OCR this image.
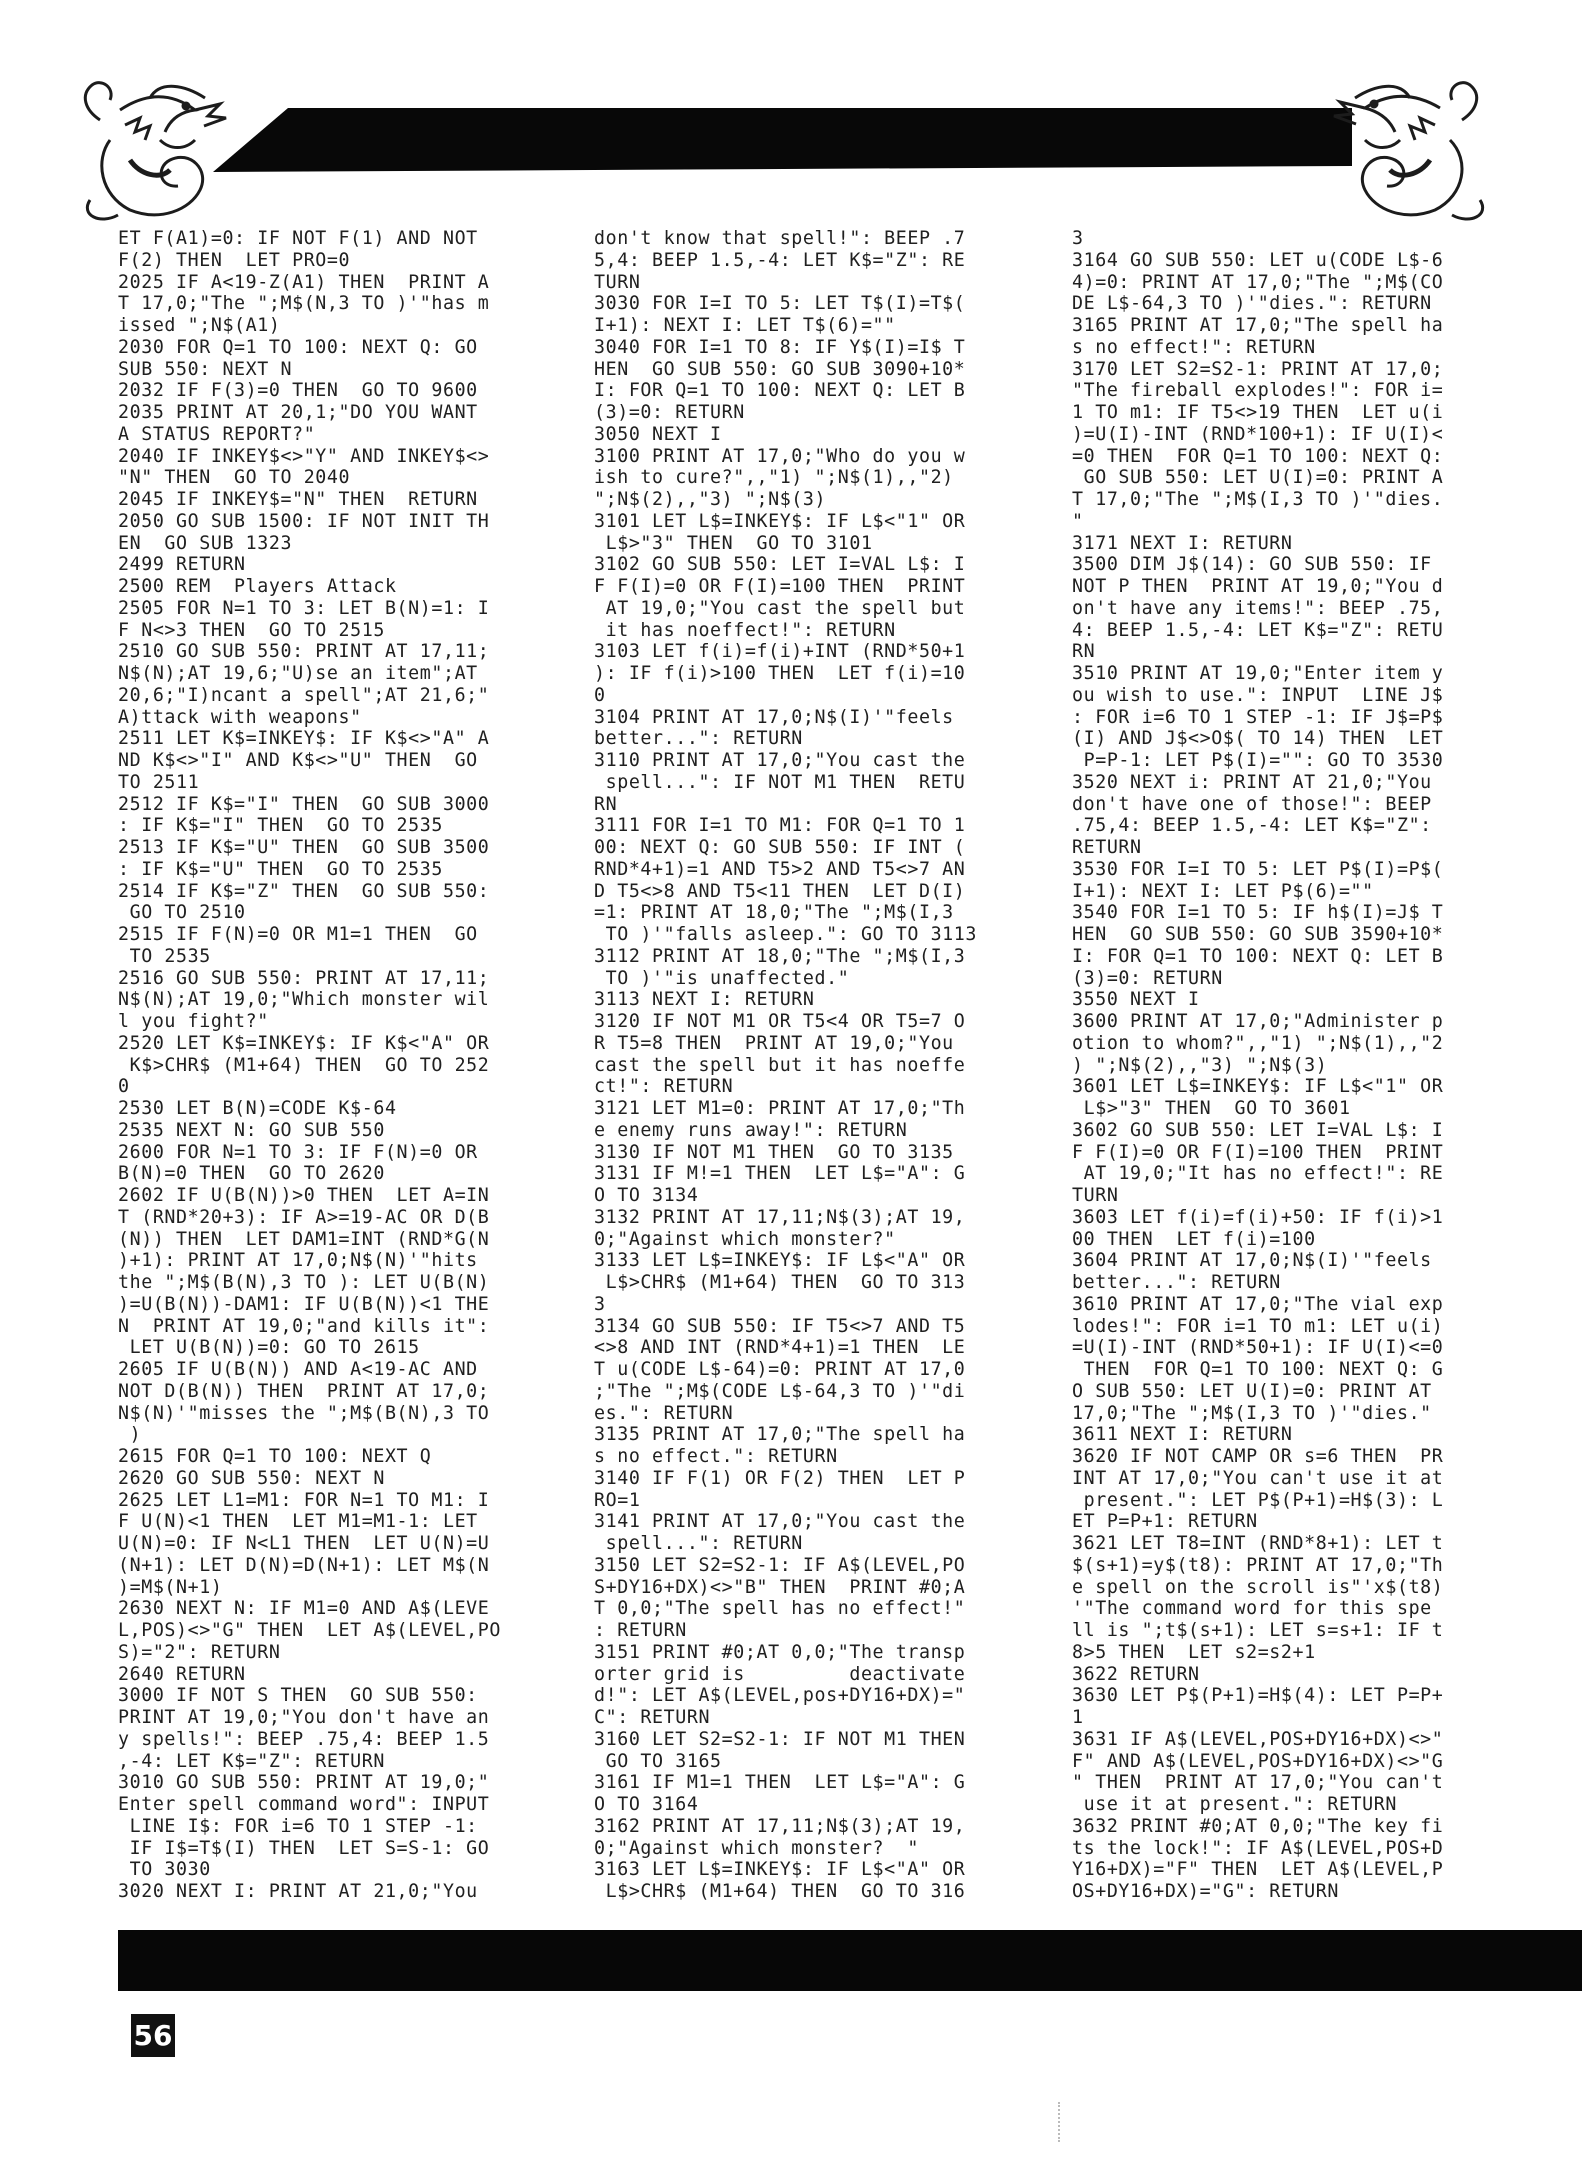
ET F(A1)=0: IF NOT F(1) AND NOT
F(2) THEN  LET PRO=0
2025 IF A<19-Z(A1) THEN  PRINT A
T 17,0;"The ";M$(N,3 TO )'"has m
issed ";N$(A1)
2030 FOR Q=1 TO 100: NEXT Q: GO
SUB 550: NEXT N
2032 IF F(3)=0 THEN  GO TO 9600
2035 PRINT AT 20,1;"DO YOU WANT
A STATUS REPORT?"
2040 IF INKEY$<>"Y" AND INKEY$<>
"N" THEN  GO TO 2040
2045 IF INKEY$="N" THEN  RETURN
2050 GO SUB 1500: IF NOT INIT TH
EN  GO SUB 1323
2499 RETURN
2500 REM  Players Attack
2505 FOR N=1 TO 3: LET B(N)=1: I
F N<>3 THEN  GO TO 2515
2510 GO SUB 550: PRINT AT 17,11;
N$(N);AT 19,6;"U)se an item";AT
20,6;"I)ncant a spell";AT 21,6;"
A)ttack with weapons"
2511 LET K$=INKEY$: IF K$<>"A" A
ND K$<>"I" AND K$<>"U" THEN  GO
TO 2511
2512 IF K$="I" THEN  GO SUB 3000
: IF K$="I" THEN  GO TO 2535
2513 IF K$="U" THEN  GO SUB 3500
: IF K$="U" THEN  GO TO 2535
2514 IF K$="Z" THEN  GO SUB 550:
GO TO 2510
2515 IF F(N)=0 OR M1=1 THEN  GO
TO 2535
2516 GO SUB 550: PRINT AT 17,11;
N$(N);AT 19,0;"Which monster wil
l you fight?"
2520 LET K$=INKEY$: IF K$<"A" OR
K$>CHR$ (M1+64) THEN  GO TO 252
0
2530 LET B(N)=CODE K$-64
2535 NEXT N: GO SUB 550
2600 FOR N=1 TO 3: IF F(N)=0 OR
B(N)=0 THEN  GO TO 2620
2602 IF U(B(N))>0 THEN  LET A=IN
T (RND*20+3): IF A>=19-AC OR D(B
(N)) THEN  LET DAM1=INT (RND*G(N
)+1): PRINT AT 17,0;N$(N)'"hits
the ";M$(B(N),3 TO ): LET U(B(N)
)=U(B(N))-DAM1: IF U(B(N))<1 THE
N  PRINT AT 19,0;"and kills it":
LET U(B(N))=0: GO TO 2615
2605 IF U(B(N)) AND A<19-AC AND
NOT D(B(N)) THEN  PRINT AT 17,0;
N$(N)'"misses the ";M$(B(N),3 TO
)
2615 FOR Q=1 TO 100: NEXT Q
2620 GO SUB 550: NEXT N
2625 LET L1=M1: FOR N=1 TO M1: I
F U(N)<1 THEN  LET M1=M1-1: LET
U(N)=0: IF N<L1 THEN  LET U(N)=U
(N+1): LET D(N)=D(N+1): LET M$(N
)=M$(N+1)
2630 NEXT N: IF M1=0 AND A$(LEVE
L,POS)<>"G" THEN  LET A$(LEVEL,PO
S)="2": RETURN
2640 RETURN
3000 IF NOT S THEN  GO SUB 550:
PRINT AT 19,0;"You don't have an
y spells!": BEEP .75,4: BEEP 1.5
,-4: LET K$="Z": RETURN
3010 GO SUB 550: PRINT AT 19,0;"
Enter spell command word": INPUT
LINE I$: FOR i=6 TO 1 STEP -1:
IF I$=T$(I) THEN  LET S=S-1: GO
TO 3030
3020 NEXT I: PRINT AT 21,0;"You
don't know that spell!": BEEP .7
5,4: BEEP 1.5,-4: LET K$="Z": RE
TURN
3030 FOR I=I TO 5: LET T$(I)=T$(
I+1): NEXT I: LET T$(6)=""
3040 FOR I=1 TO 8: IF Y$(I)=I$ T
HEN  GO SUB 550: GO SUB 3090+10*
I: FOR Q=1 TO 100: NEXT Q: LET B
(3)=0: RETURN
3050 NEXT I
3100 PRINT AT 17,0;"Who do you w
ish to cure?",,"1) ";N$(1),,"2)
";N$(2),,"3) ";N$(3)
3101 LET L$=INKEY$: IF L$<"1" OR
L$>"3" THEN  GO TO 3101
3102 GO SUB 550: LET I=VAL L$: I
F F(I)=0 OR F(I)=100 THEN  PRINT
AT 19,0;"You cast the spell but
it has noeffect!": RETURN
3103 LET f(i)=f(i)+INT (RND*50+1
): IF f(i)>100 THEN  LET f(i)=10
0
3104 PRINT AT 17,0;N$(I)'"feels
better...": RETURN
3110 PRINT AT 17,0;"You cast the
spell...": IF NOT M1 THEN  RETU
RN
3111 FOR I=1 TO M1: FOR Q=1 TO 1
00: NEXT Q: GO SUB 550: IF INT (
RND*4+1)=1 AND T5>2 AND T5<>7 AN
D T5<>8 AND T5<11 THEN  LET D(I)
=1: PRINT AT 18,0;"The ";M$(I,3
TO )'"falls asleep.": GO TO 3113
3112 PRINT AT 18,0;"The ";M$(I,3
TO )'"is unaffected."
3113 NEXT I: RETURN
3120 IF NOT M1 OR T5<4 OR T5=7 O
R T5=8 THEN  PRINT AT 19,0;"You
cast the spell but it has noeffe
ct!": RETURN
3121 LET M1=0: PRINT AT 17,0;"Th
e enemy runs away!": RETURN
3130 IF NOT M1 THEN  GO TO 3135
3131 IF M!=1 THEN  LET L$="A": G
O TO 3134
3132 PRINT AT 17,11;N$(3);AT 19,
0;"Against which monster?"
3133 LET L$=INKEY$: IF L$<"A" OR
L$>CHR$ (M1+64) THEN  GO TO 313
3
3134 GO SUB 550: IF T5<>7 AND T5
<>8 AND INT (RND*4+1)=1 THEN  LE
T u(CODE L$-64)=0: PRINT AT 17,0
;"The ";M$(CODE L$-64,3 TO )'"di
es.": RETURN
3135 PRINT AT 17,0;"The spell ha
s no effect.": RETURN
3140 IF F(1) OR F(2) THEN  LET P
RO=1
3141 PRINT AT 17,0;"You cast the
spell...": RETURN
3150 LET S2=S2-1: IF A$(LEVEL,PO
S+DY16+DX)<>"B" THEN  PRINT #0;A
T 0,0;"The spell has no effect!"
: RETURN
3151 PRINT #0;AT 0,0;"The transp
orter grid is         deactivate
d!": LET A$(LEVEL,pos+DY16+DX)="
C": RETURN
3160 LET S2=S2-1: IF NOT M1 THEN
GO TO 3165
3161 IF M1=1 THEN  LET L$="A": G
O TO 3164
3162 PRINT AT 17,11;N$(3);AT 19,
0;"Against which monster?  "
3163 LET L$=INKEY$: IF L$<"A" OR
L$>CHR$ (M1+64) THEN  GO TO 316
3
3164 GO SUB 550: LET u(CODE L$-6
4)=0: PRINT AT 17,0;"The ";M$(CO
DE L$-64,3 TO )'"dies.": RETURN
3165 PRINT AT 17,0;"The spell ha
s no effect!": RETURN
3170 LET S2=S2-1: PRINT AT 17,0;
"The fireball explodes!": FOR i=
1 TO m1: IF T5<>19 THEN  LET u(i
)=U(I)-INT (RND*100+1): IF U(I)<
=0 THEN  FOR Q=1 TO 100: NEXT Q:
GO SUB 550: LET U(I)=0: PRINT A
T 17,0;"The ";M$(I,3 TO )'"dies.
"
3171 NEXT I: RETURN
3500 DIM J$(14): GO SUB 550: IF
NOT P THEN  PRINT AT 19,0;"You d
on't have any items!": BEEP .75,
4: BEEP 1.5,-4: LET K$="Z": RETU
RN
3510 PRINT AT 19,0;"Enter item y
ou wish to use.": INPUT  LINE J$
: FOR i=6 TO 1 STEP -1: IF J$=P$
(I) AND J$<>O$( TO 14) THEN  LET
P=P-1: LET P$(I)="": GO TO 3530
3520 NEXT i: PRINT AT 21,0;"You
don't have one of those!": BEEP
.75,4: BEEP 1.5,-4: LET K$="Z":
RETURN
3530 FOR I=I TO 5: LET P$(I)=P$(
I+1): NEXT I: LET P$(6)=""
3540 FOR I=1 TO 5: IF h$(I)=J$ T
HEN  GO SUB 550: GO SUB 3590+10*
I: FOR Q=1 TO 100: NEXT Q: LET B
(3)=0: RETURN
3550 NEXT I
3600 PRINT AT 17,0;"Administer p
otion to whom?",,"1) ";N$(1),,"2
) ";N$(2),,"3) ";N$(3)
3601 LET L$=INKEY$: IF L$<"1" OR
L$>"3" THEN  GO TO 3601
3602 GO SUB 550: LET I=VAL L$: I
F F(I)=0 OR F(I)=100 THEN  PRINT
AT 19,0;"It has no effect!": RE
TURN
3603 LET f(i)=f(i)+50: IF f(i)>1
00 THEN  LET f(i)=100
3604 PRINT AT 17,0;N$(I)'"feels
better...": RETURN
3610 PRINT AT 17,0;"The vial exp
lodes!": FOR i=1 TO m1: LET u(i)
=U(I)-INT (RND*50+1): IF U(I)<=0
THEN  FOR Q=1 TO 100: NEXT Q: G
O SUB 550: LET U(I)=0: PRINT AT
17,0;"The ";M$(I,3 TO )'"dies."
3611 NEXT I: RETURN
3620 IF NOT CAMP OR s=6 THEN  PR
INT AT 17,0;"You can't use it at
present.": LET P$(P+1)=H$(3): L
ET P=P+1: RETURN
3621 LET T8=INT (RND*8+1): LET t
$(s+1)=y$(t8): PRINT AT 17,0;"Th
e spell on the scroll is"'x$(t8)
'"The command word for this spe
ll is ";t$(s+1): LET s=s+1: IF t
8>5 THEN  LET s2=s2+1
3622 RETURN
3630 LET P$(P+1)=H$(4): LET P=P+
1
3631 IF A$(LEVEL,POS+DY16+DX)<>"
F" AND A$(LEVEL,POS+DY16+DX)<>"G
" THEN  PRINT AT 17,0;"You can't
use it at present.": RETURN
3632 PRINT #0;AT 0,0;"The key fi
ts the lock!": IF A$(LEVEL,POS+D
Y16+DX)="F" THEN  LET A$(LEVEL,P
OS+DY16+DX)="G": RETURN
56
